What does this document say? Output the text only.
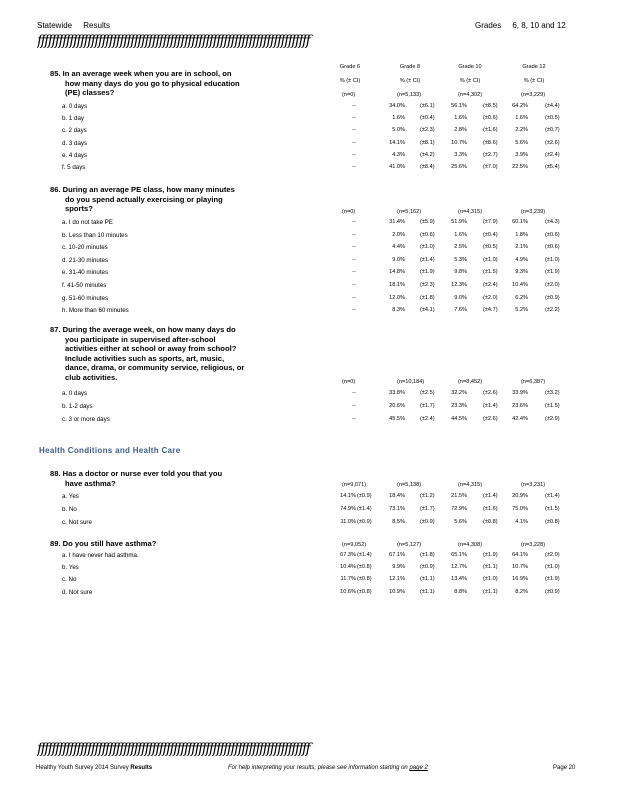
Statewide Results	Grades 6, 8, 10 and 12
ffffffffffffffffffffffffffffffffffffffffffffffffffffffffffffffffffffffffffff
Grade 6

% (± CI)
Grade 8

% (± CI)
Grade 10

% (± CI)
Grade 12

% (± CI)
85. In an average week when you are in school, on
how many days do you go to physical education (PE) classes?	(n=0)	(n=5,133)	(n=4,302)	(n=3,229)
a. 0 days	--	34.0%	(±6.1)	56.1%	(±8.5)	64.2%	(±4.4)
b. 1 day	--	1.6%	(±0.4)	1.6%	(±0.6)	1.6%	(±0.5)
c. 2 days	--	5.0%	(±2.3)	2.8%	(±1.6)	2.2%	(±0.7)
d. 3 days	--	14.1%	(±8.1)	10.7%	(±8.6)	5.6%	(±2.6)
e. 4 days	--	4.3%	(±4.2)	3.3%	(±2.7)	3.9%	(±2.4)
f. 5 days	--	41.0%	(±8.4)	25.6%	(±7.0)	22.5%	(±5.4)
86. During an average PE class, how many minutes
do you spend actually exercising or playing sports?	(n=0)	(n=5,162)	(n=4,315)	(n=3,239)
a. I do not take PE	--	31.4%	(±5.9)	51.9%	(±7.9)	60.1%	(±4.3)
b. Less than 10 minutes	--	2.0%	(±0.6)	1.6%	(±0.4)	1.8%	(±0.6)
c. 10-20 minutes	--	4.4%	(±1.0)	2.5%	(±0.5)	2.1%	(±0.6)
d. 21-30 minutes	--	9.0%	(±1.4)	5.3%	(±1.0)	4.9%	(±1.0)
e. 31-40 minutes	--	14.8%	(±1.9)	9.8%	(±1.5)	9.3%	(±1.9)
f. 41-50 minutes	--	18.1%	(±2.3)	12.3%	(±2.4)	10.4%	(±2.0)
g. 51-60 minutes	--	12.0%	(±1.8)	9.0%	(±2.0)	6.2%	(±0.9)
h. More than 60 minutes	--	8.3%	(±4.1)	7.6%	(±4.7)	5.2%	(±2.2)
87. During the average week, on how many days do
you participate in supervised after-school activities either at school or away from school? Include activities such as sports, art, music, dance, drama, or community service, religious, or club activities.
(n=0)	(n=10,184)	(n=8,452)	(n=6,387)
a. 0 days	--	33.8%	(±2.5)	32.2%	(±2.6)	33.9%	(±3.2)
b. 1-2 days	--	20.6%	(±1.7)	23.3%	(±1.4)	23.6%	(±1.5)
c. 3 or more days	--	45.5%	(±2.4)	44.5%	(±2.6)	42.4%	(±2.9)
88. Has a doctor or nurse ever told you that you
have asthma?	(n=9,071)	(n=5,138)	(n=4,315)	(n=3,231)
a. Yes	14.1% (±0.9)	18.4%	(±1.2)	21.5%	(±1.4)	20.9%	(±1.4)
b. No	74.9% (±1.4)	73.1%	(±1.7)	72.9%	(±1.6)	75.0%	(±1.5)
c. Not sure	11.0% (±0.9)	8.5%	(±0.9)	5.6%	(±0.8)	4.1%	(±0.8)
89. Do you still have asthma?	(n=9,052)	(n=5,127)	(n=4,308)	(n=3,228)
a. I have never had asthma.	67.3% (±1.4)	67.1%	(±1.8)	65.1%	(±1.9)	64.1%	(±2.0)
b. Yes	10.4% (±0.8)	9.9%	(±0.9)	12.7%	(±1.1)	10.7%	(±1.0)
c. No	11.7% (±0.8)	12.1%	(±1.1)	13.4%	(±1.0)	16.9%	(±1.9)
d. Not sure	10.6% (±0.8)	10.9%	(±1.1)	8.8%	(±1.1)	8.2%	(±0.9)
Health Conditions and Health Care
ffffffffffffffffffffffffffffffffffffffffffffffffffffffffffffffffffffffffffff
Healthy Youth Survey 2014 Survey Results	For help interpreting your results, please see information starting on page 2	Page 20
